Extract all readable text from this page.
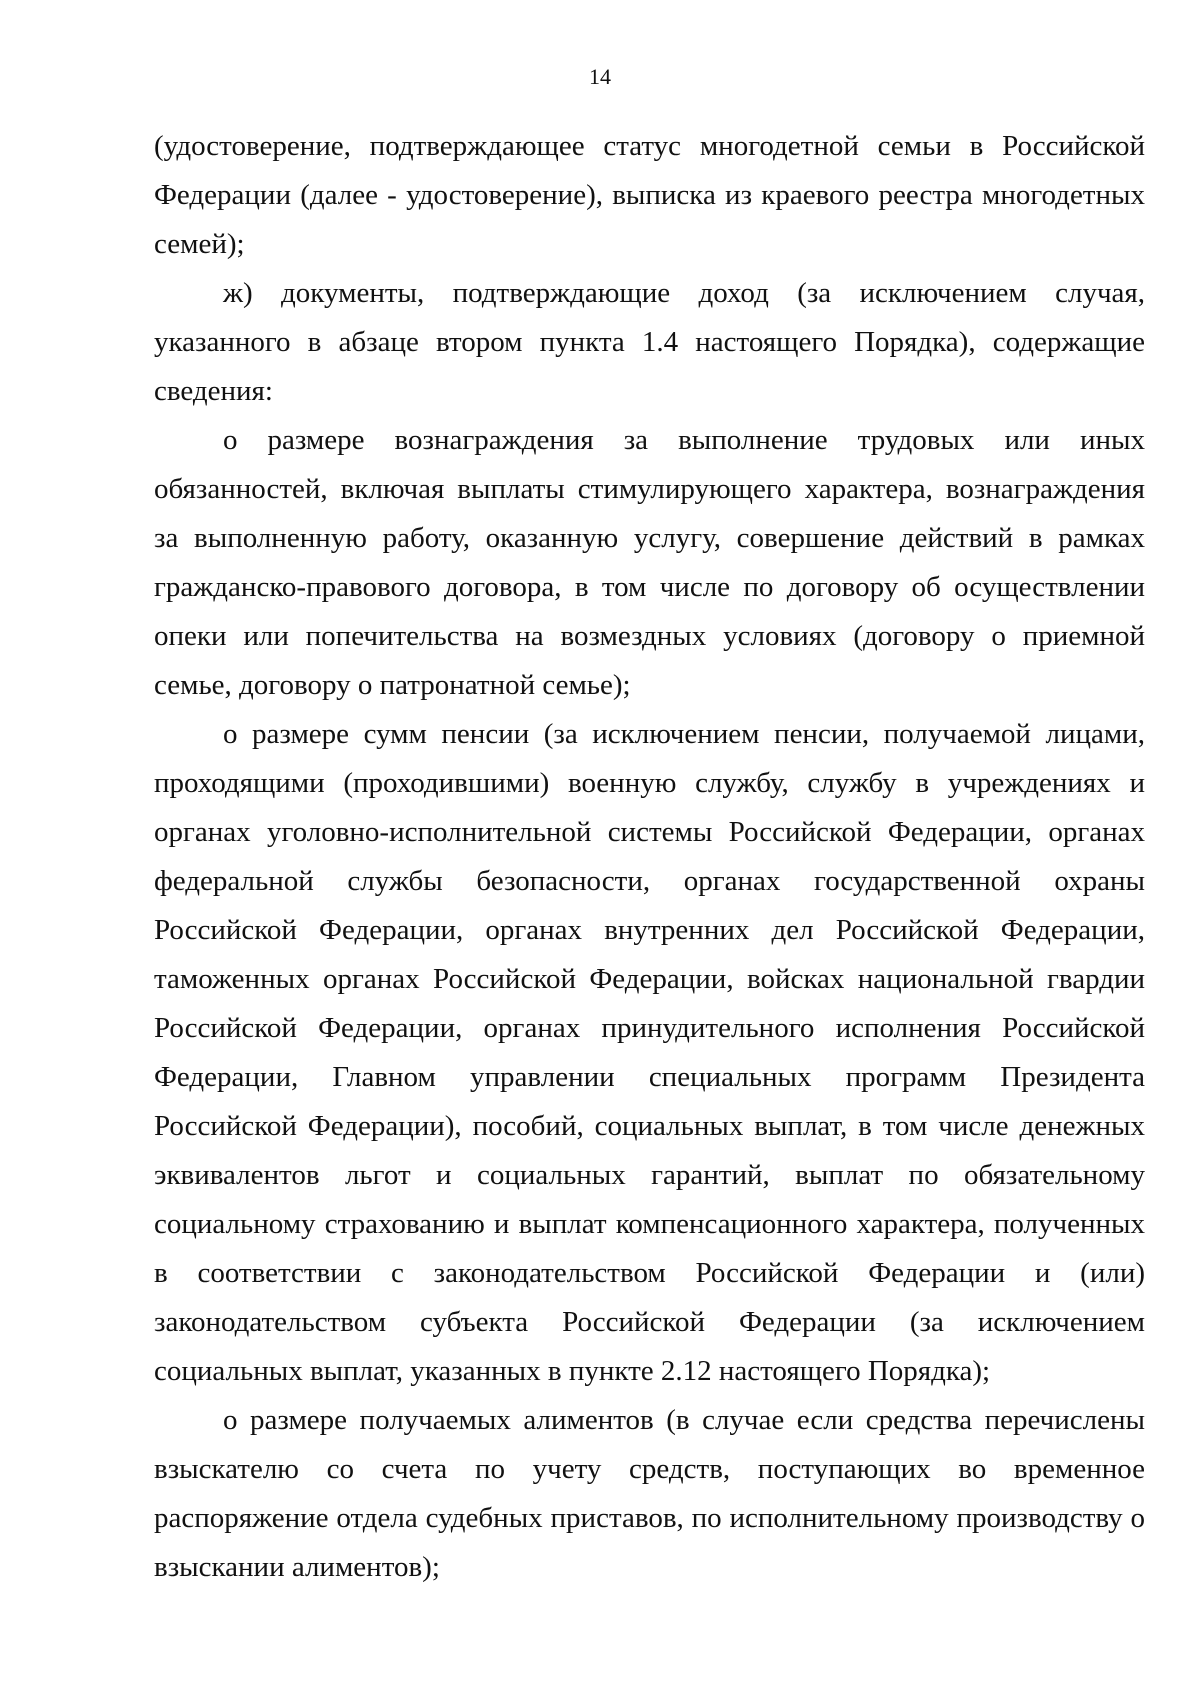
14

(удостоверение, подтверждающее статус многодетной семьи в Российской Федерации (далее - удостоверение), выписка из краевого реестра многодетных семей);

ж) документы, подтверждающие доход (за исключением случая, указанного в абзаце втором пункта 1.4 настоящего Порядка), содержащие сведения:

о размере вознаграждения за выполнение трудовых или иных обязанностей, включая выплаты стимулирующего характера, вознаграждения за выполненную работу, оказанную услугу, совершение действий в рамках гражданско-правового договора, в том числе по договору об осуществлении опеки или попечительства на возмездных условиях (договору о приемной семье, договору о патронатной семье);

о размере сумм пенсии (за исключением пенсии, получаемой лицами, проходящими (проходившими) военную службу, службу в учреждениях и органах уголовно-исполнительной системы Российской Федерации, органах федеральной службы безопасности, органах государственной охраны Российской Федерации, органах внутренних дел Российской Федерации, таможенных органах Российской Федерации, войсках национальной гвардии Российской Федерации, органах принудительного исполнения Российской Федерации, Главном управлении специальных программ Президента Российской Федерации), пособий, социальных выплат, в том числе денежных эквивалентов льгот и социальных гарантий, выплат по обязательному социальному страхованию и выплат компенсационного характера, полученных в соответствии с законодательством Российской Федерации и (или) законодательством субъекта Российской Федерации (за исключением социальных выплат, указанных в пункте 2.12 настоящего Порядка);

о размере получаемых алиментов (в случае если средства перечислены взыскателю со счета по учету средств, поступающих во временное распоряжение отдела судебных приставов, по исполнительному производству о взыскании алиментов);
